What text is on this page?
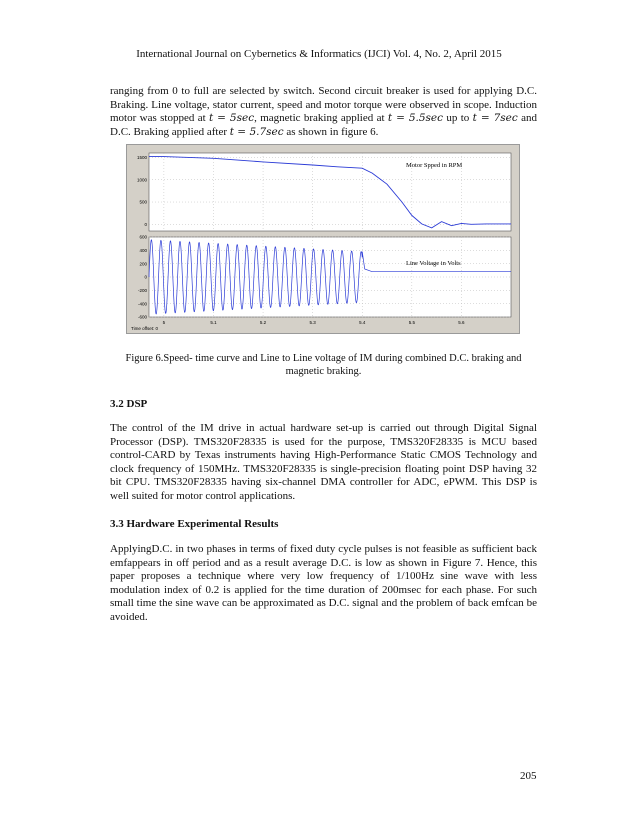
International Journal on Cybernetics & Informatics (IJCI) Vol. 4, No. 2, April 2015

ranging from 0 to full are selected by switch. Second circuit breaker is used for applying D.C. Braking. Line voltage, stator current, speed and motor torque were observed in scope. Induction motor was stopped at t = 5sec, magnetic braking applied at t = 5.5sec up to t = 7sec and D.C. Braking applied after t = 5.7sec as shown in figure 6.

1500
1000
500
0
Motor Spped in RPM
5	5.1	5.2	5.3	5.4	5.5	5.6
600
400
200
0
-200
-400
-600
Line Voltage in Volts
Time offset: 0

Figure 6.Speed- time curve and Line to Line voltage of IM during combined D.C. braking and magnetic braking.

3.2 DSP

The control of the IM drive in actual hardware set-up is carried out through Digital Signal Processor (DSP). TMS320F28335 is used for the purpose, TMS320F28335 is MCU based control-CARD by Texas instruments having High-Performance Static CMOS Technology and clock frequency of 150MHz. TMS320F28335 is single-precision floating point DSP having 32 bit CPU. TMS320F28335 having six-channel DMA controller for ADC, ePWM. This DSP is well suited for motor control applications.

3.3 Hardware Experimental Results

ApplyingD.C. in two phases in terms of fixed duty cycle pulses is not feasible as sufficient back emfappears in off period and as a result average D.C. is low as shown in Figure 7. Hence, this paper proposes a technique where very low frequency of 1/100Hz sine wave with less modulation index of 0.2 is applied for the time duration of 200msec for each phase. For such small time the sine wave can be approximated as D.C. signal and the problem of back emfcan be avoided.

205
